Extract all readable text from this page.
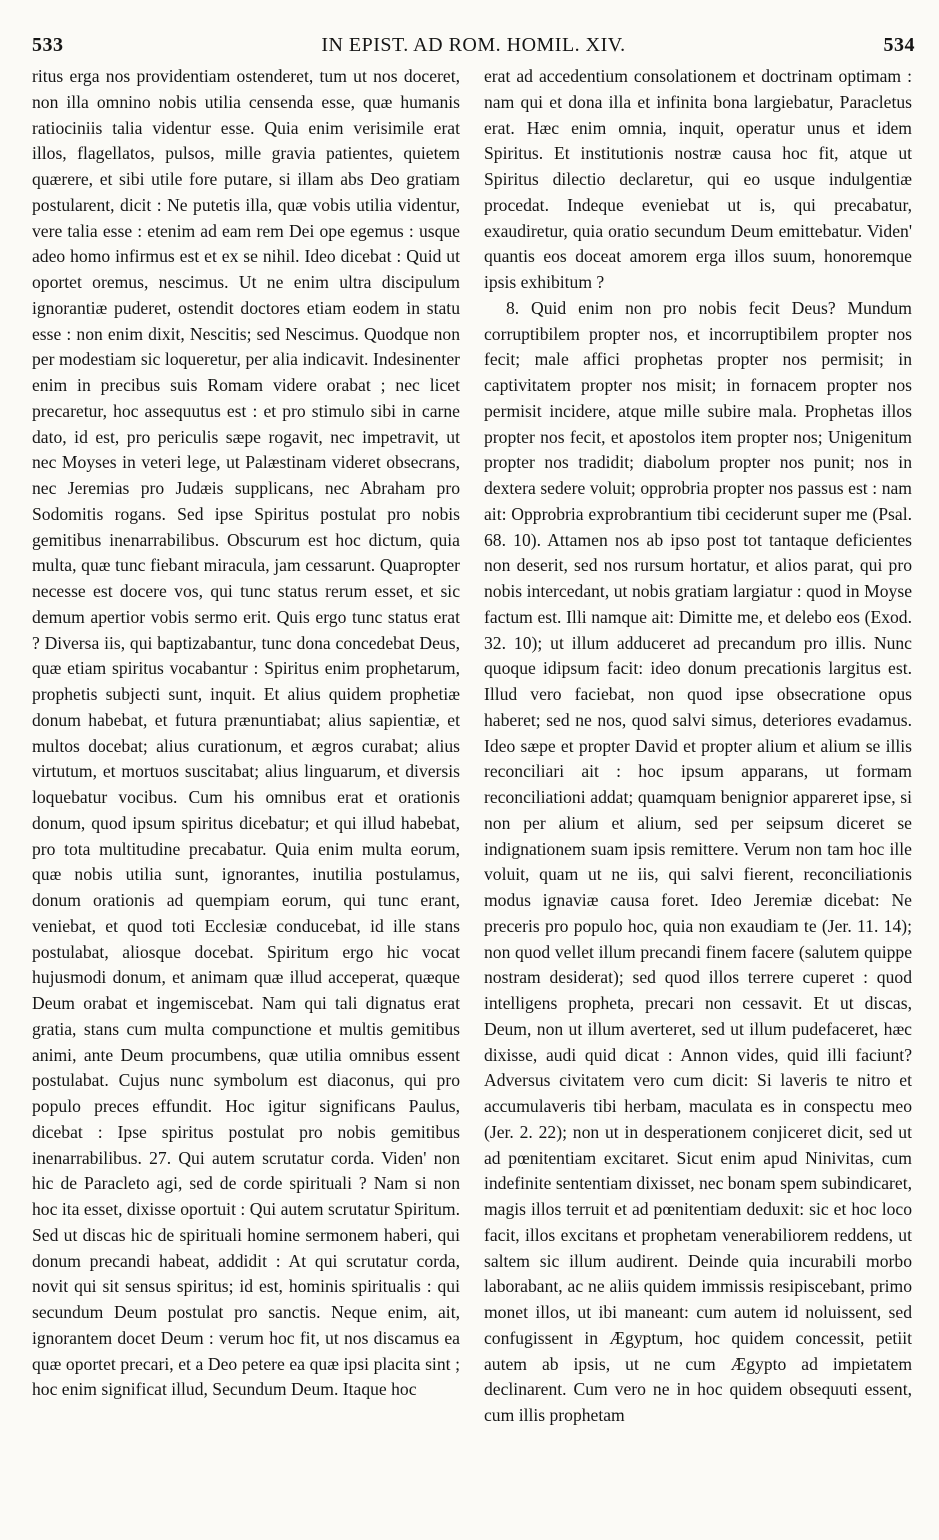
533	IN EPIST. AD ROM. HOMIL. XIV.	534

ritus erga nos providentiam ostenderet, tum ut nos doceret, non illa omnino nobis utilia censenda esse, quæ humanis ratiociniis talia videntur esse. Quia enim verisimile erat illos, flagellatos, pulsos, mille gravia patientes, quietem quærere, et sibi utile fore putare, si illam abs Deo gratiam postularent, dicit : Ne putetis illa, quæ vobis utilia videntur, vere talia esse : etenim ad eam rem Dei ope egemus : usque adeo homo infirmus est et ex se nihil. Ideo dicebat : Quid ut oportet oremus, nescimus. Ut ne enim ultra discipulum ignorantiæ puderet, ostendit doctores etiam eodem in statu esse : non enim dixit, Nescitis; sed Nescimus. Quodque non per modestiam sic loqueretur, per alia indicavit. Indesinenter enim in precibus suis Romam videre orabat ; nec licet precaretur, hoc assequutus est : et pro stimulo sibi in carne dato, id est, pro periculis sæpe rogavit, nec impetravit, ut nec Moyses in veteri lege, ut Palæstinam videret obsecrans, nec Jeremias pro Judæis supplicans, nec Abraham pro Sodomitis rogans. Sed ipse Spiritus postulat pro nobis gemitibus inenarrabilibus. Obscurum est hoc dictum, quia multa, quæ tunc fiebant miracula, jam cessarunt. Quapropter necesse est docere vos, qui tunc status rerum esset, et sic demum apertior vobis sermo erit. Quis ergo tunc status erat ? Diversa iis, qui baptizabantur, tunc dona concedebat Deus, quæ etiam spiritus vocabantur : Spiritus enim prophetarum, prophetis subjecti sunt, inquit. Et alius quidem prophetiæ donum habebat, et futura prænuntiabat; alius sapientiæ, et multos docebat; alius curationum, et ægros curabat; alius virtutum, et mortuos suscitabat; alius linguarum, et diversis loquebatur vocibus. Cum his omnibus erat et orationis donum, quod ipsum spiritus dicebatur; et qui illud habebat, pro tota multitudine precabatur. Quia enim multa eorum, quæ nobis utilia sunt, ignorantes, inutilia postulamus, donum orationis ad quempiam eorum, qui tunc erant, veniebat, et quod toti Ecclesiæ conducebat, id ille stans postulabat, aliosque docebat. Spiritum ergo hic vocat hujusmodi donum, et animam quæ illud acceperat, quæque Deum orabat et ingemiscebat. Nam qui tali dignatus erat gratia, stans cum multa compunctione et multis gemitibus animi, ante Deum procumbens, quæ utilia omnibus essent postulabat. Cujus nunc symbolum est diaconus, qui pro populo preces effundit. Hoc igitur significans Paulus, dicebat : Ipse spiritus postulat pro nobis gemitibus inenarrabilibus. 27. Qui autem scrutatur corda. Viden' non hic de Paracleto agi, sed de corde spirituali ? Nam si non hoc ita esset, dixisse oportuit : Qui autem scrutatur Spiritum. Sed ut discas hic de spirituali homine sermonem haberi, qui donum precandi habeat, addidit : At qui scrutatur corda, novit qui sit sensus spiritus; id est, hominis spiritualis : qui secundum Deum postulat pro sanctis. Neque enim, ait, ignorantem docet Deum : verum hoc fit, ut nos discamus ea quæ oportet precari, et a Deo petere ea quæ ipsi placita sint ; hoc enim significat illud, Secundum Deum. Itaque hoc

erat ad accedentium consolationem et doctrinam optimam : nam qui et dona illa et infinita bona largiebatur, Paracletus erat. Hæc enim omnia, inquit, operatur unus et idem Spiritus. Et institutionis nostræ causa hoc fit, atque ut Spiritus dilectio declaretur, qui eo usque indulgentiæ procedat. Indeque eveniebat ut is, qui precabatur, exaudiretur, quia oratio secundum Deum emittebatur. Viden' quantis eos doceat amorem erga illos suum, honoremque ipsis exhibitum ?

8. Quid enim non pro nobis fecit Deus? Mundum corruptibilem propter nos, et incorruptibilem propter nos fecit; male affici prophetas propter nos permisit; in captivitatem propter nos misit; in fornacem propter nos permisit incidere, atque mille subire mala. Prophetas illos propter nos fecit, et apostolos item propter nos; Unigenitum propter nos tradidit; diabolum propter nos punit; nos in dextera sedere voluit; opprobria propter nos passus est : nam ait: Opprobria exprobrantium tibi ceciderunt super me (Psal. 68. 10). Attamen nos ab ipso post tot tantaque deficientes non deserit, sed nos rursum hortatur, et alios parat, qui pro nobis intercedant, ut nobis gratiam largiatur : quod in Moyse factum est. Illi namque ait: Dimitte me, et delebo eos (Exod. 32. 10); ut illum adduceret ad precandum pro illis. Nunc quoque idipsum facit: ideo donum precationis largitus est. Illud vero faciebat, non quod ipse obsecratione opus haberet; sed ne nos, quod salvi simus, deteriores evadamus. Ideo sæpe et propter David et propter alium et alium se illis reconciliari ait : hoc ipsum apparans, ut formam reconciliationi addat; quamquam benignior appareret ipse, si non per alium et alium, sed per seipsum diceret se indignationem suam ipsis remittere. Verum non tam hoc ille voluit, quam ut ne iis, qui salvi fierent, reconciliationis modus ignaviæ causa foret. Ideo Jeremiæ dicebat: Ne preceris pro populo hoc, quia non exaudiam te (Jer. 11. 14); non quod vellet illum precandi finem facere (salutem quippe nostram desiderat); sed quod illos terrere cuperet : quod intelligens propheta, precari non cessavit. Et ut discas, Deum, non ut illum averteret, sed ut illum pudefaceret, hæc dixisse, audi quid dicat : Annon vides, quid illi faciunt? Adversus civitatem vero cum dicit: Si laveris te nitro et accumulaveris tibi herbam, maculata es in conspectu meo (Jer. 2. 22); non ut in desperationem conjiceret dicit, sed ut ad pœnitentiam excitaret. Sicut enim apud Ninivitas, cum indefinite sententiam dixisset, nec bonam spem subindicaret, magis illos terruit et ad pœnitentiam deduxit: sic et hoc loco facit, illos excitans et prophetam venerabiliorem reddens, ut saltem sic illum audirent. Deinde quia incurabili morbo laborabant, ac ne aliis quidem immissis resipiscebant, primo monet illos, ut ibi maneant: cum autem id noluissent, sed confugissent in Ægyptum, hoc quidem concessit, petiit autem ab ipsis, ut ne cum Ægypto ad impietatem declinarent. Cum vero ne in hoc quidem obsequuti essent, cum illis prophetam
